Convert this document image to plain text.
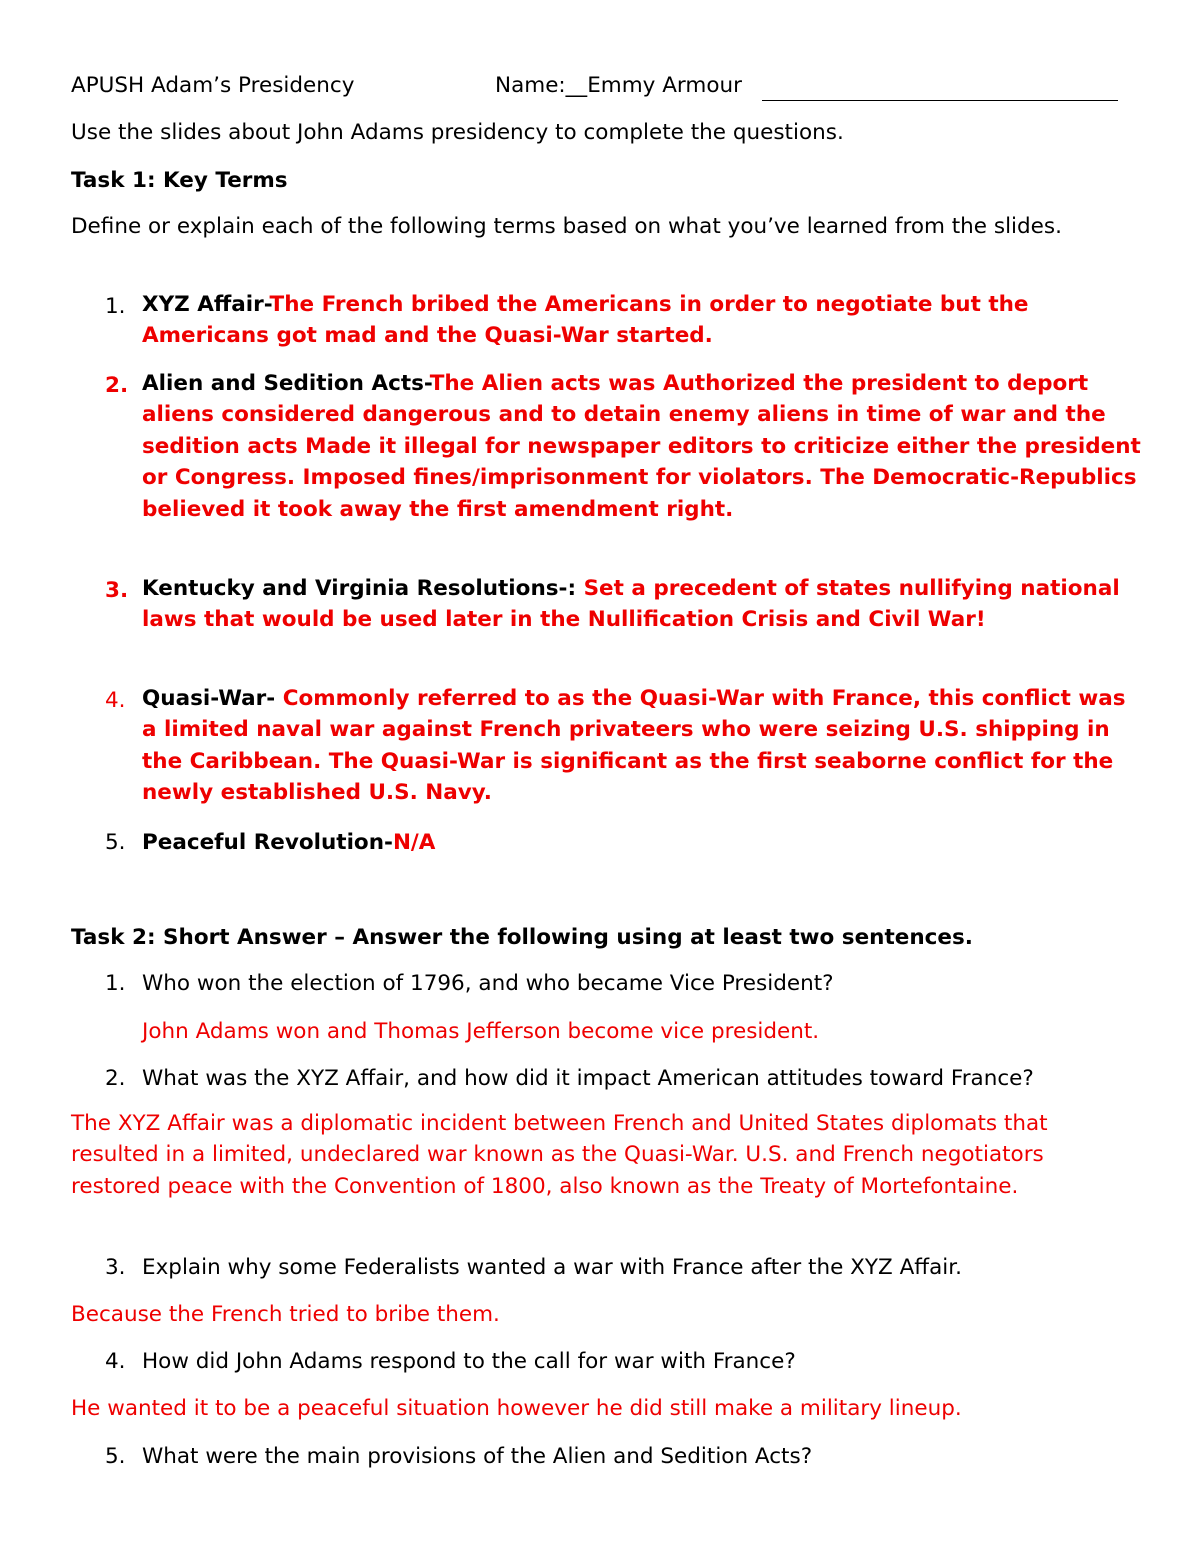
APUSH Adam’s Presidency	Name:__Emmy Armour
Use the slides about John Adams presidency to complete the questions.
Task 1: Key Terms
Define or explain each of the following terms based on what you’ve learned from the slides.
1. XYZ Affair-The French bribed the Americans in order to negotiate but the Americans got mad and the Quasi-War started.
2. Alien and Sedition Acts-The Alien acts was Authorized the president to deport aliens considered dangerous and to detain enemy aliens in time of war and the sedition acts Made it illegal for newspaper editors to criticize either the president or Congress. Imposed fines/imprisonment for violators. The Democratic-Republics believed it took away the first amendment right.
3. Kentucky and Virginia Resolutions-: Set a precedent of states nullifying national laws that would be used later in the Nullification Crisis and Civil War!
4. Quasi-War- Commonly referred to as the Quasi-War with France, this conflict was a limited naval war against French privateers who were seizing U.S. shipping in the Caribbean. The Quasi-War is significant as the first seaborne conflict for the newly established U.S. Navy.
5. Peaceful Revolution-N/A
Task 2: Short Answer – Answer the following using at least two sentences.
1. Who won the election of 1796, and who became Vice President?
John Adams won and Thomas Jefferson become vice president.
2. What was the XYZ Affair, and how did it impact American attitudes toward France?
The XYZ Affair was a diplomatic incident between French and United States diplomats that resulted in a limited, undeclared war known as the Quasi-War. U.S. and French negotiators restored peace with the Convention of 1800, also known as the Treaty of Mortefontaine.
3. Explain why some Federalists wanted a war with France after the XYZ Affair.
Because the French tried to bribe them.
4. How did John Adams respond to the call for war with France?
He wanted it to be a peaceful situation however he did still make a military lineup.
5. What were the main provisions of the Alien and Sedition Acts?
